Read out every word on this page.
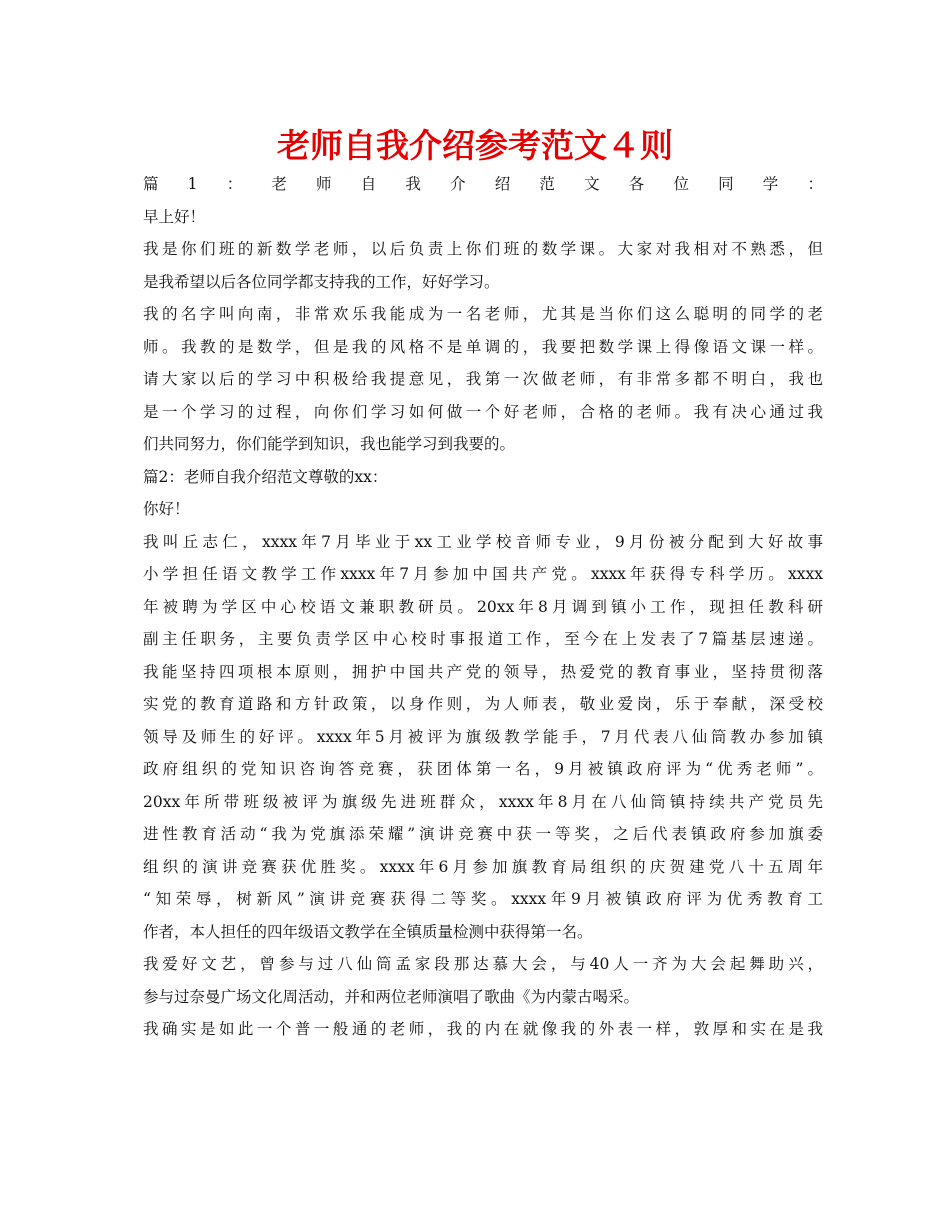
老师自我介绍参考范文４则
篇1：老师自我介绍范文各位同学：
早上好！
我是你们班的新数学老师，以后负责上你们班的数学课。大家对我相对不熟悉，但
是我希望以后各位同学都支持我的工作，好好学习。
我的名字叫向南，非常欢乐我能成为一名老师，尤其是当你们这么聪明的同学的老
师。我教的是数学，但是我的风格不是单调的，我要把数学课上得像语文课一样。
请大家以后的学习中积极给我提意见，我第一次做老师，有非常多都不明白，我也
是一个学习的过程，向你们学习如何做一个好老师，合格的老师。我有决心通过我
们共同努力，你们能学到知识，我也能学习到我要的。
篇2：老师自我介绍范文尊敬的xx：
你好！
我叫丘志仁，xxxx年7月毕业于xx工业学校音师专业，9月份被分配到大好故事
小学担任语文教学工作xxxx年7月参加中国共产党。xxxx年获得专科学历。xxxx
年被聘为学区中心校语文兼职教研员。20xx年8月调到镇小工作，现担任教科研
副主任职务，主要负责学区中心校时事报道工作，至今在上发表了7篇基层速递。
我能坚持四项根本原则，拥护中国共产党的领导，热爱党的教育事业，坚持贯彻落
实党的教育道路和方针政策，以身作则，为人师表，敬业爱岗，乐于奉献，深受校
领导及师生的好评。xxxx年5月被评为旗级教学能手，7月代表八仙筒教办参加镇
政府组织的党知识咨询答竞赛，获团体第一名，9月被镇政府评为“优秀老师”。
20xx年所带班级被评为旗级先进班群众，xxxx年8月在八仙筒镇持续共产党员先
进性教育活动“我为党旗添荣耀”演讲竞赛中获一等奖，之后代表镇政府参加旗委
组织的演讲竞赛获优胜奖。xxxx年6月参加旗教育局组织的庆贺建党八十五周年
“知荣辱，树新风”演讲竞赛获得二等奖。xxxx年9月被镇政府评为优秀教育工
作者，本人担任的四年级语文教学在全镇质量检测中获得第一名。
我爱好文艺，曾参与过八仙筒孟家段那达慕大会，与40人一齐为大会起舞助兴，
参与过奈曼广场文化周活动，并和两位老师演唱了歌曲《为内蒙古喝采。
我确实是如此一个普一般通的老师，我的内在就像我的外表一样，敦厚和实在是我
